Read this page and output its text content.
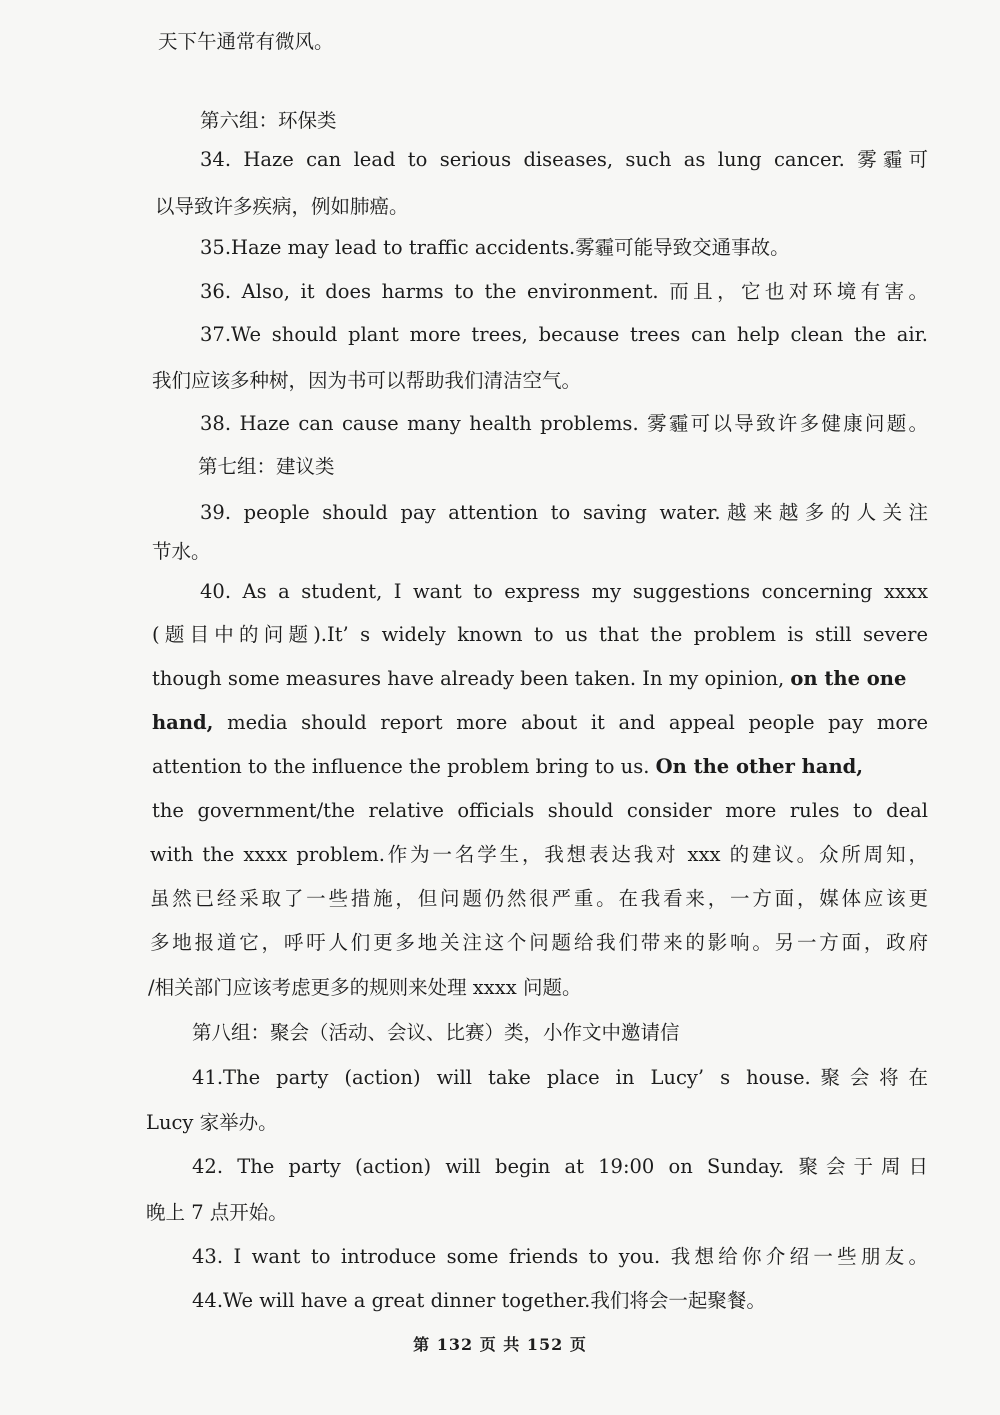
天下午通常有微风。
第六组：环保类
34. Haze can lead to serious diseases, such as lung cancer. 雾霾可
以导致许多疾病，例如肺癌。
35.Haze may lead to traffic accidents.雾霾可能导致交通事故。
36. Also, it does harms to the environment. 而且，它也对环境有害。
37.We should plant more trees, because trees can help clean the air.
我们应该多种树，因为书可以帮助我们清洁空气。
38. Haze can cause many health problems. 雾霾可以导致许多健康问题。
第七组：建议类
39. people should pay attention to saving water.越来越多的人关注
节水。
40. As a student, I want to express my suggestions concerning xxxx
(题目中的问题).It’ s widely known to us that the problem is still severe
though some measures have already been taken. In my opinion, on the one
hand, media should report more about it and appeal people pay more
attention to the influence the problem bring to us. On the other hand,
the government/the relative officials should consider more rules to deal
with the xxxx problem.作为一名学生，我想表达我对 xxx 的建议。众所周知，
虽然已经采取了一些措施，但问题仍然很严重。在我看来，一方面，媒体应该更
多地报道它，呼吁人们更多地关注这个问题给我们带来的影响。另一方面，政府
/相关部门应该考虑更多的规则来处理 xxxx 问题。
第八组：聚会（活动、会议、比赛）类，小作文中邀请信
41.The party (action) will take place in Lucy’ s house.聚会将在
Lucy 家举办。
42. The party (action) will begin at 19:00 on Sunday. 聚会于周日
晚上 7 点开始。
43. I want to introduce some friends to you. 我想给你介绍一些朋友。
44.We will have a great dinner together.我们将会一起聚餐。
第 132 页 共 152 页
